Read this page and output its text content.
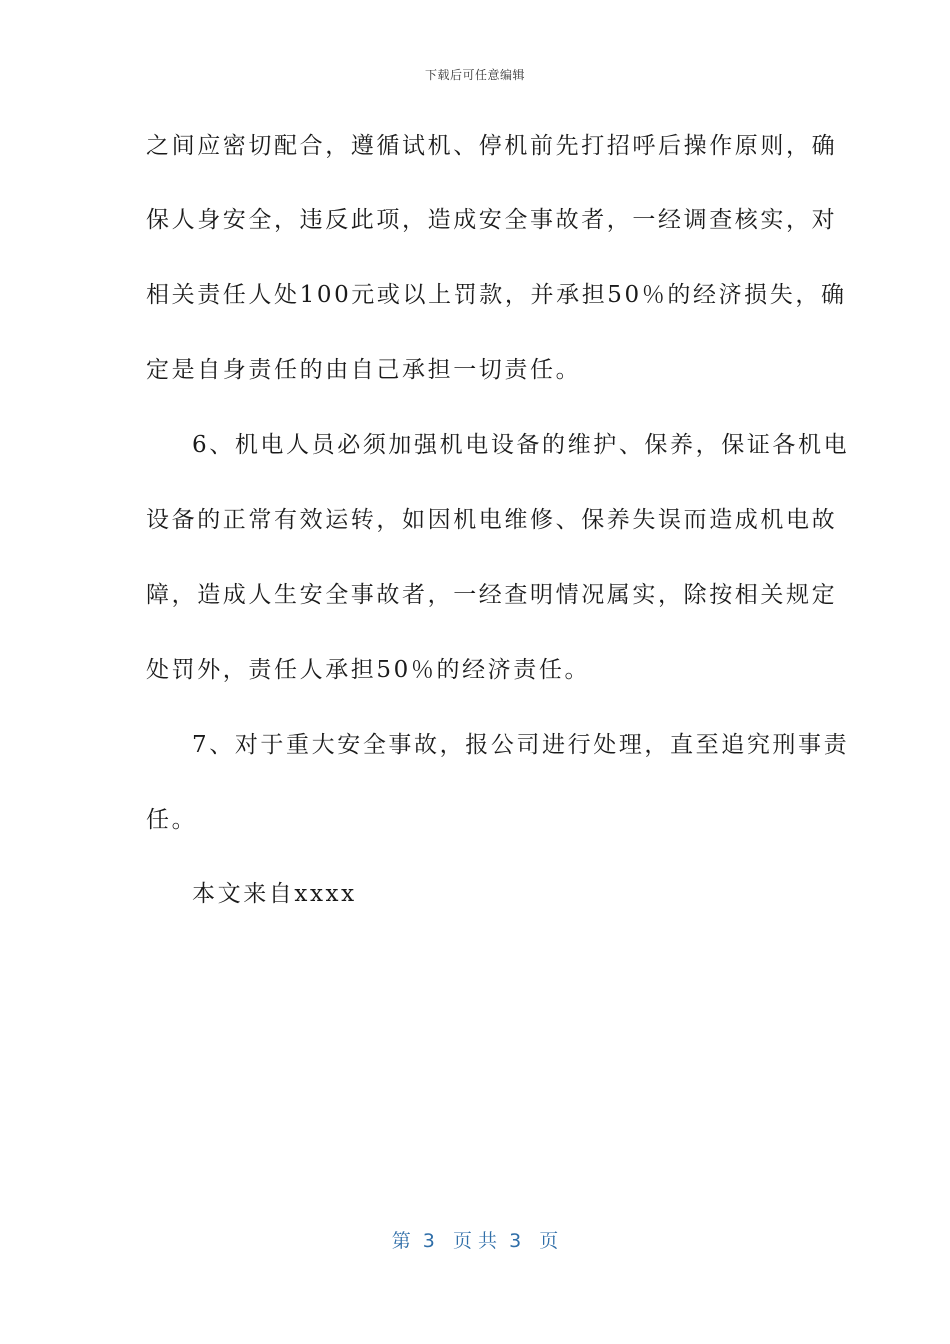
下载后可任意编辑
之间应密切配合，遵循试机、停机前先打招呼后操作原则，确
保人身安全，违反此项，造成安全事故者，一经调查核实，对
相关责任人处100元或以上罚款，并承担50％的经济损失，确
定是自身责任的由自己承担一切责任。
6、机电人员必须加强机电设备的维护、保养，保证各机电
设备的正常有效运转，如因机电维修、保养失误而造成机电故
障，造成人生安全事故者，一经查明情况属实，除按相关规定
处罚外，责任人承担50％的经济责任。
7、对于重大安全事故，报公司进行处理，直至追究刑事责
任。
本文来自xxxx
第  3   页 共  3   页
